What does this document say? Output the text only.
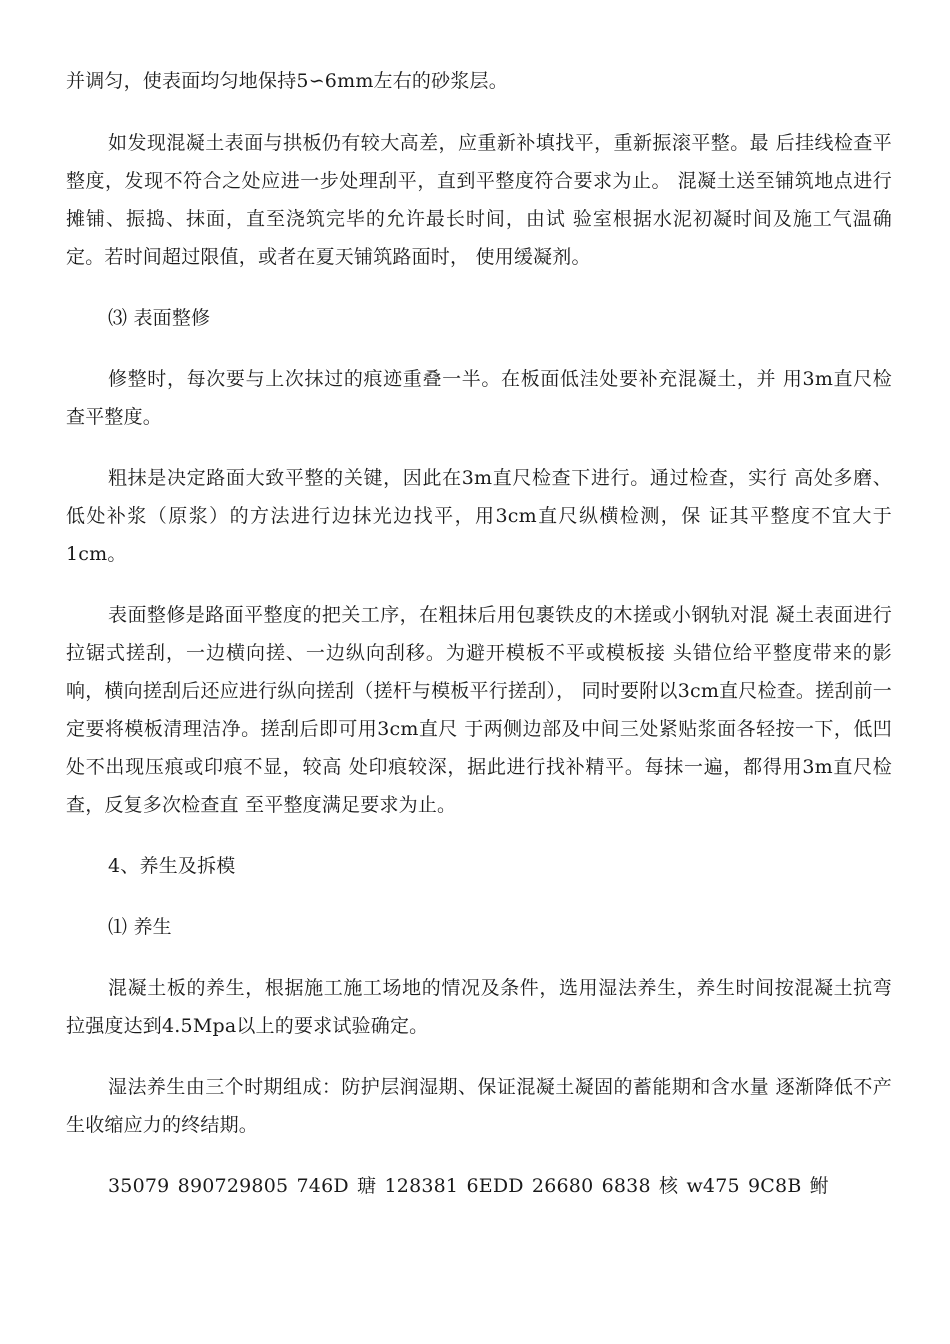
并调匀，使表面均匀地保持5∽6mm左右的砂浆层。

如发现混凝土表面与拱板仍有较大高差，应重新补填找平，重新振滚平整。最 后挂线检查平整度，发现不符合之处应进一步处理刮平，直到平整度符合要求为止。 混凝土送至铺筑地点进行摊铺、振捣、抹面，直至浇筑完毕的允许最长时间，由试 验室根据水泥初凝时间及施工气温确定。若时间超过限值，或者在夏天铺筑路面时， 使用缓凝剂。

⑶ 表面整修

修整时，每次要与上次抹过的痕迹重叠一半。在板面低洼处要补充混凝土，并 用3m直尺检查平整度。

粗抹是决定路面大致平整的关键，因此在3m直尺检查下进行。通过检查，实行 高处多磨、低处补浆（原浆）的方法进行边抹光边找平，用3cm直尺纵横检测，保 证其平整度不宜大于1cm。

表面整修是路面平整度的把关工序，在粗抹后用包裹铁皮的木搓或小钢轨对混 凝土表面进行拉锯式搓刮，一边横向搓、一边纵向刮移。为避开模板不平或模板接 头错位给平整度带来的影响，横向搓刮后还应进行纵向搓刮（搓杆与模板平行搓刮）， 同时要附以3cm直尺检查。搓刮前一定要将模板清理洁净。搓刮后即可用3cm直尺 于两侧边部及中间三处紧贴浆面各轻按一下，低凹处不出现压痕或印痕不显，较高 处印痕较深，据此进行找补精平。每抹一遍，都得用3m直尺检查，反复多次检查直 至平整度满足要求为止。

4、养生及拆模

⑴ 养生

混凝土板的养生，根据施工施工场地的情况及条件，选用湿法养生，养生时间按混凝土抗弯拉强度达到4.5Mpa以上的要求试验确定。

湿法养生由三个时期组成：防护层润湿期、保证混凝土凝固的蓄能期和含水量 逐渐降低不产生收缩应力的终结期。

35079 890729805 746D 瑭 128381 6EDD 26680 6838 核 w475 9C8B 鲋
